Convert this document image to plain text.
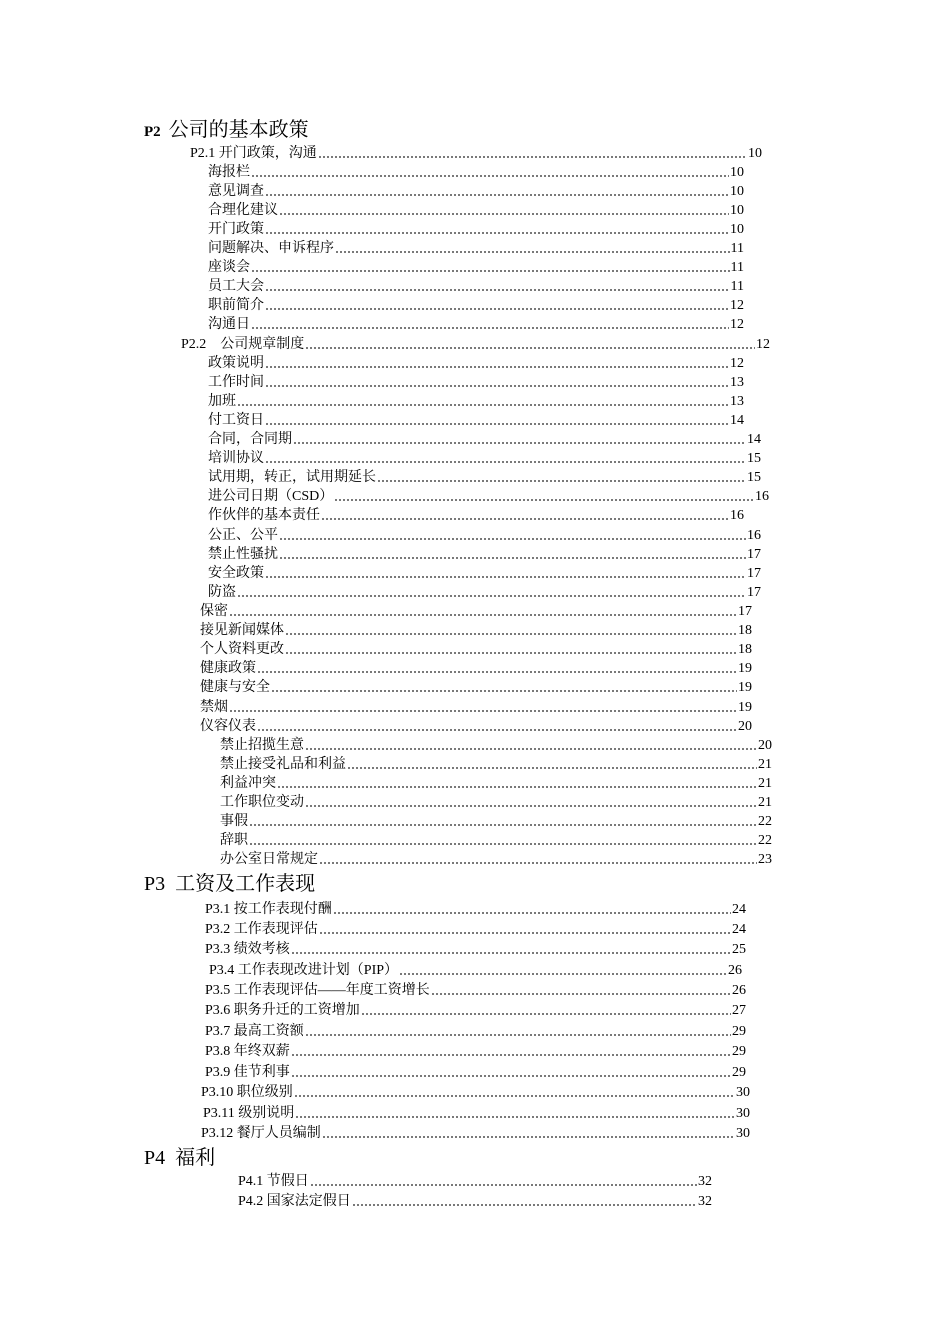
P2 公司的基本政策
P3 工资及工作表现
P4 福利
P2.1 开门政策，沟通	10
海报栏	10
意见调查	10
合理化建议	10
开门政策	10
问题解决、申诉程序	11
座谈会	11
员工大会	11
职前简介	12
沟通日	12
P2.2　公司规章制度	12
政策说明	12
工作时间	13
加班	13
付工资日	14
合同，合同期	14
培训协议	15
试用期，转正，试用期延长	15
进公司日期（CSD）	16
作伙伴的基本责任	16
公正、公平	16
禁止性骚扰	17
安全政策	17
防盗	17
保密	17
接见新闻媒体	18
个人资料更改	18
健康政策	19
健康与安全	19
禁烟	19
仪容仪表	20
禁止招揽生意	20
禁止接受礼品和利益	21
利益冲突	21
工作职位变动	21
事假	22
辞职	22
办公室日常规定	23
P3.1 按工作表现付酬	24
P3.2 工作表现评估	24
P3.3 绩效考核	25
P3.4 工作表现改进计划（PIP）	26
P3.5 工作表现评估——年度工资增长	26
P3.6 职务升迁的工资增加	27
P3.7 最高工资额	29
P3.8 年终双薪	29
P3.9 佳节利事	29
P3.10 职位级别	30
P3.11 级别说明	30
P3.12 餐厅人员编制	30
P4.1 节假日	32
P4.2 国家法定假日	32
